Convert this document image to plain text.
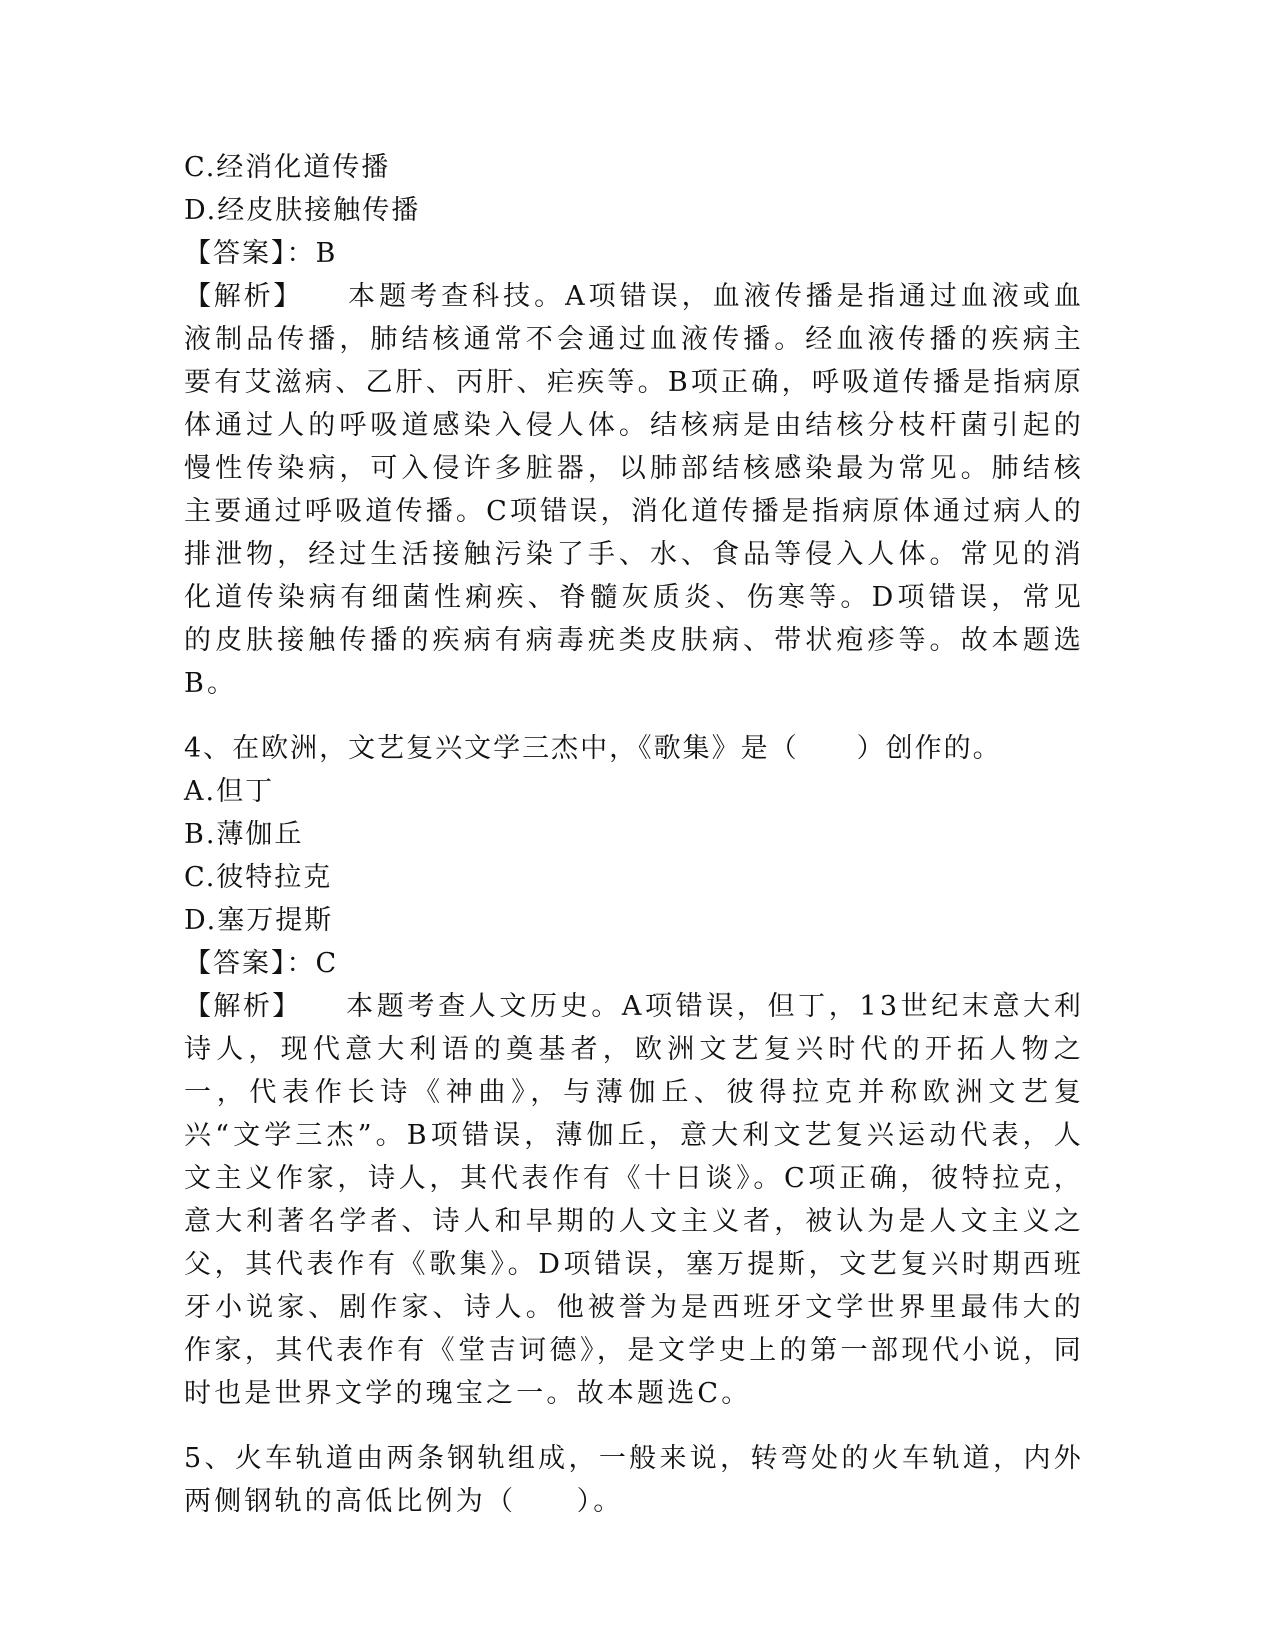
C.经消化道传播
D.经皮肤接触传播
【答案】：B
【解析】 本题考查科技。A项错误，血液传播是指通过血液或血液制品传播，肺结核通常不会通过血液传播。经血液传播的疾病主要有艾滋病、乙肝、丙肝、疟疾等。B项正确，呼吸道传播是指病原体通过人的呼吸道感染入侵人体。结核病是由结核分枝杆菌引起的慢性传染病，可入侵许多脏器，以肺部结核感染最为常见。肺结核主要通过呼吸道传播。C项错误，消化道传播是指病原体通过病人的排泄物，经过生活接触污染了手、水、食品等侵入人体。常见的消化道传染病有细菌性痢疾、脊髓灰质炎、伤寒等。D项错误，常见的皮肤接触传播的疾病有病毒疣类皮肤病、带状疱疹等。故本题选B。
4、在欧洲，文艺复兴文学三杰中，《歌集》是（　　）创作的。
A.但丁
B.薄伽丘
C.彼特拉克
D.塞万提斯
【答案】：C
【解析】 本题考查人文历史。A项错误，但丁，13世纪末意大利诗人，现代意大利语的奠基者，欧洲文艺复兴时代的开拓人物之一，代表作长诗《神曲》，与薄伽丘、彼得拉克并称欧洲文艺复兴“文学三杰”。B项错误，薄伽丘，意大利文艺复兴运动代表，人文主义作家，诗人，其代表作有《十日谈》。C项正确，彼特拉克，意大利著名学者、诗人和早期的人文主义者，被认为是人文主义之父，其代表作有《歌集》。D项错误，塞万提斯，文艺复兴时期西班牙小说家、剧作家、诗人。他被誉为是西班牙文学世界里最伟大的作家，其代表作有《堂吉诃德》，是文学史上的第一部现代小说，同时也是世界文学的瑰宝之一。故本题选C。
5、火车轨道由两条钢轨组成，一般来说，转弯处的火车轨道，内外两侧钢轨的高低比例为（　　）。
